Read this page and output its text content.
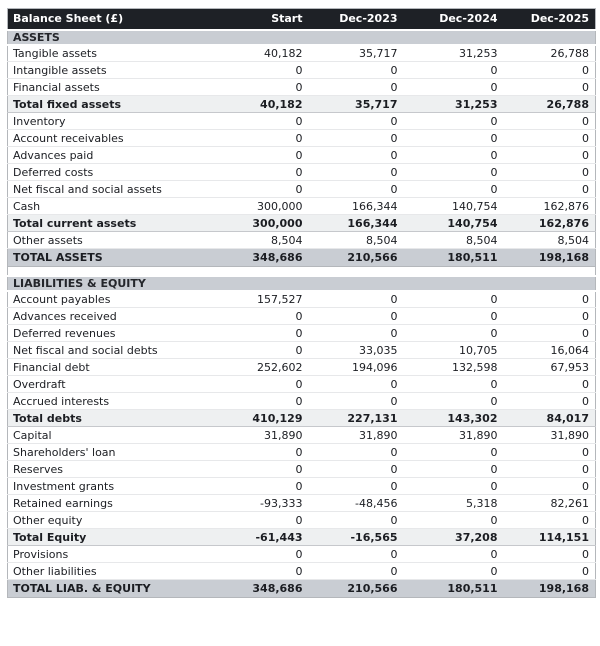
Balance Sheet (£)	Start	Dec-2023	Dec-2024	Dec-2025
ASSETS				
Tangible assets	40,182	35,717	31,253	26,788
Intangible assets	0	0	0	0
Financial assets	0	0	0	0
Total fixed assets	40,182	35,717	31,253	26,788
Inventory	0	0	0	0
Account receivables	0	0	0	0
Advances paid	0	0	0	0
Deferred costs	0	0	0	0
Net fiscal and social assets	0	0	0	0
Cash	300,000	166,344	140,754	162,876
Total current assets	300,000	166,344	140,754	162,876
Other assets	8,504	8,504	8,504	8,504
TOTAL ASSETS	348,686	210,566	180,511	198,168

LIABILITIES & EQUITY				
Account payables	157,527	0	0	0
Advances received	0	0	0	0
Deferred revenues	0	0	0	0
Net fiscal and social debts	0	33,035	10,705	16,064
Financial debt	252,602	194,096	132,598	67,953
Overdraft	0	0	0	0
Accrued interests	0	0	0	0
Total debts	410,129	227,131	143,302	84,017
Capital	31,890	31,890	31,890	31,890
Shareholders' loan	0	0	0	0
Reserves	0	0	0	0
Investment grants	0	0	0	0
Retained earnings	-93,333	-48,456	5,318	82,261
Other equity	0	0	0	0
Total Equity	-61,443	-16,565	37,208	114,151
Provisions	0	0	0	0
Other liabilities	0	0	0	0
TOTAL LIAB. & EQUITY	348,686	210,566	180,511	198,168
